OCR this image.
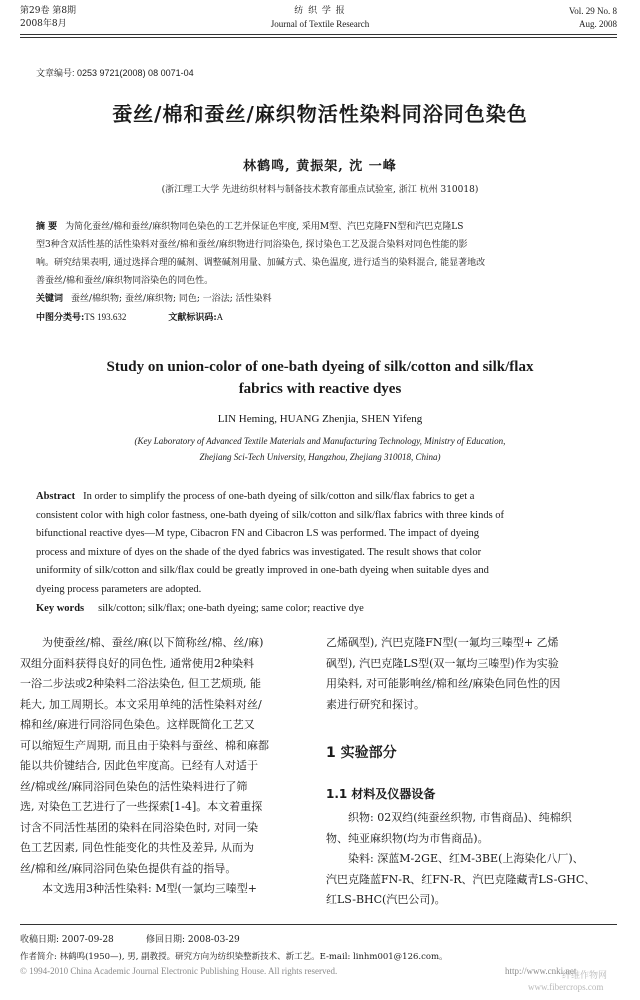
第29卷 第8期
2008年8月
纺 织 学 报
Journal of Textile Research
Vol. 29 No. 8
Aug. 2008
文章编号: 0253 9721(2008) 08 0071-04
蚕丝/棉和蚕丝/麻织物活性染料同浴同色染色
林鹤鸣, 黄振架, 沈 一峰
(浙江理工大学 先进纺织材料与制备技术教育部重点试验室, 浙江 杭州 310018)
摘 要 为简化蚕丝/棉和蚕丝/麻织物同色染色的工艺并保证色牢度, 采用M型、汽巴克隆FN型和汽巴克隆LS
型3种含双活性基的活性染料对蚕丝/棉和蚕丝/麻织物进行同浴染色, 探讨染色工艺及混合染料对同色性能的影
响。研究结果表明, 通过选择合理的碱剂、调整碱剂用量、加碱方式、染色温度, 进行适当的染料混合, 能显著地改
善蚕丝/棉和蚕丝/麻织物同浴染色的同色性。
关键词 蚕丝/棉织物; 蚕丝/麻织物; 同色; 一浴法; 活性染料
中图分类号:TS 193.632	文献标识码:A
Study on union-color of one-bath dyeing of silk/cotton and silk/flax
fabrics with reactive dyes
LIN Heming, HUANG Zhenjia, SHEN Yifeng
(Key Laboratory of Advanced Textile Materials and Manufacturing Technology, Ministry of Education,
Zhejiang Sci-Tech University, Hangzhou, Zhejiang 310018, China)
Abstract In order to simplify the process of one-bath dyeing of silk/cotton and silk/flax fabrics to get a
consistent color with high color fastness, one-bath dyeing of silk/cotton and silk/flax fabrics with three kinds of
bifunctional reactive dyes—M type, Cibacron FN and Cibacron LS was performed. The impact of dyeing
process and mixture of dyes on the shade of the dyed fabrics was investigated. The result shows that color
uniformity of silk/cotton and silk/flax could be greatly improved in one-bath dyeing when suitable dyes and
dyeing process parameters are adopted.
Key words silk/cotton; silk/flax; one-bath dyeing; same color; reactive dye
为使蚕丝/棉、蚕丝/麻(以下简称丝/棉、丝/麻)
双组分面料获得良好的同色性, 通常使用2种染料
一浴二步法或2种染料二浴法染色, 但工艺烦琐, 能
耗大, 加工周期长。本文采用单纯的活性染料对丝/
棉和丝/麻进行同浴同色染色。这样既简化工艺又
可以缩短生产周期, 而且由于染料与蚕丝、棉和麻都
能以共价键结合, 因此色牢度高。已经有人对适于
丝/棉或丝/麻同浴同色染色的活性染料进行了筛
选, 对染色工艺进行了一些探索[1-4]。本文着重探
讨含不同活性基团的染料在同浴染色时, 对同一染
色工艺因素, 同色性能变化的共性及差异, 从而为
丝/棉和丝/麻同浴同色染色提供有益的指导。
本文选用3种活性染料: M型(一氯均三嗪型+
乙烯砜型), 汽巴克隆FN型(一氟均三嗪型+ 乙烯
砜型), 汽巴克隆LS型(双一氟均三嗪型)作为实验
用染料, 对可能影响丝/棉和丝/麻染色同色性的因
素进行研究和探讨。
1 实验部分
1.1 材料及仪器设备
织物: 02双绉(纯蚕丝织物, 市售商品)、纯棉织
物、纯亚麻织物(均为市售商品)。
染料: 深蓝M-2GE、红M-3BE(上海染化八厂)、
汽巴克隆蓝FN-R、红FN-R、汽巴克隆藏青LS-GHC、
红LS-BHC(汽巴公司)。
收稿日期: 2007-09-28	修回日期: 2008-03-29
作者简介: 林鹤鸣(1950—), 男, 副教授。研究方向为纺织染整新技术、新工艺。E-mail: linhm001@126.com。
© 1994-2010 China Academic Journal Electronic Publishing House. All rights reserved.	http://www.cnki.net
纤维作物网
www.fibercrops.com
